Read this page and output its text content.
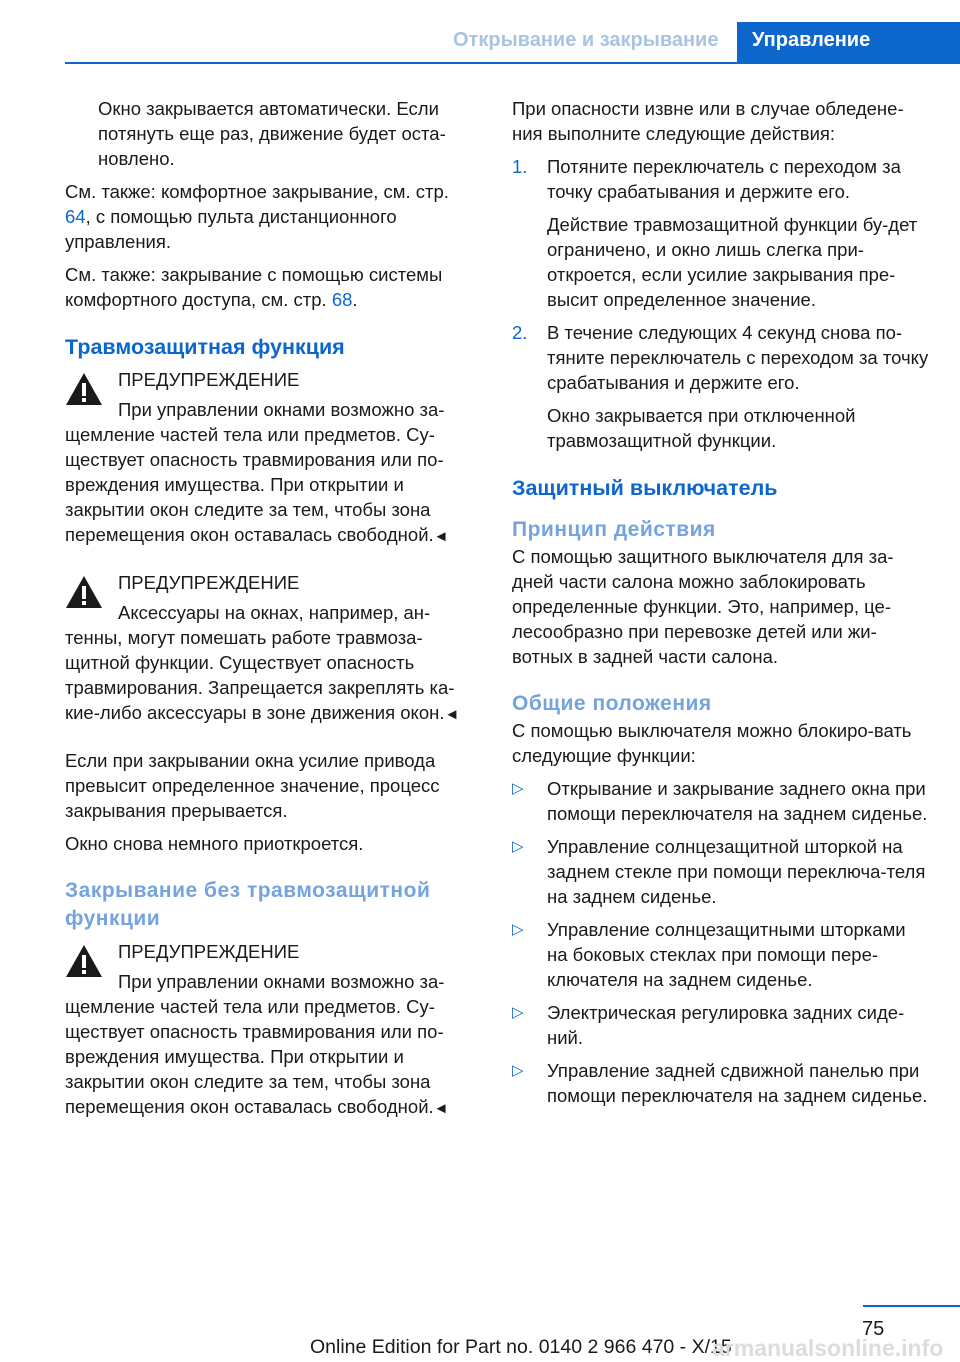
Открывание и закрывание Управление

Окно закрывается автоматически. Если потянуть еще раз, движение будет оста‐новлено.

См. также: комфортное закрывание, см. стр. 64, с помощью пульта дистанционного управления.

См. также: закрывание с помощью системы комфортного доступа, см. стр. 68.

Травмозащитная функция

ПРЕДУПРЕЖДЕНИЕ

При управлении окнами возможно за‐

щемление частей тела или предметов. Су‐ществует опасность травмирования или по‐вреждения имущества. При открытии и закрытии окон следите за тем, чтобы зона перемещения окон оставалась свободной.◄

ПРЕДУПРЕЖДЕНИЕ

Аксессуары на окнах, например, ан‐

тенны, могут помешать работе травмоза‐щитной функции. Существует опасность травмирования. Запрещается закреплять ка‐кие-либо аксессуары в зоне движения окон.◄

Если при закрывании окна усилие привода превысит определенное значение, процесс закрывания прерывается.

Окно снова немного приоткроется.

Закрывание без травмозащитной функции

ПРЕДУПРЕЖДЕНИЕ

При управлении окнами возможно за‐

щемление частей тела или предметов. Су‐ществует опасность травмирования или по‐вреждения имущества. При открытии и закрытии окон следите за тем, чтобы зона перемещения окон оставалась свободной.◄

При опасности извне или в случае обледене‐ния выполните следующие действия:

1. Потяните переключатель с переходом за точку срабатывания и держите его.

Действие травмозащитной функции бу‐дет ограничено, и окно лишь слегка при‐откроется, если усилие закрывания пре‐высит определенное значение.

2. В течение следующих 4 секунд снова по‐тяните переключатель с переходом за точку срабатывания и держите его.

Окно закрывается при отключенной травмозащитной функции.

Защитный выключатель
Принцип действия

С помощью защитного выключателя для за‐дней части салона можно заблокировать определенные функции. Это, например, це‐лесообразно при перевозке детей или жи‐вотных в задней части салона.

Общие положения

С помощью выключателя можно блокиро‐вать следующие функции:

▷ Открывание и закрывание заднего окна при помощи переключателя на заднем сиденье.

▷ Управление солнцезащитной шторкой на заднем стекле при помощи переключа‐теля на заднем сиденье.

▷ Управление солнцезащитными шторками на боковых стеклах при помощи пере‐ключателя на заднем сиденье.

▷ Электрическая регулировка задних сиде‐ний.

▷ Управление задней сдвижной панелью при помощи переключателя на заднем сиденье.

75
Online Edition for Part no. 0140 2 966 470 - X/15
armanualsonline.info
